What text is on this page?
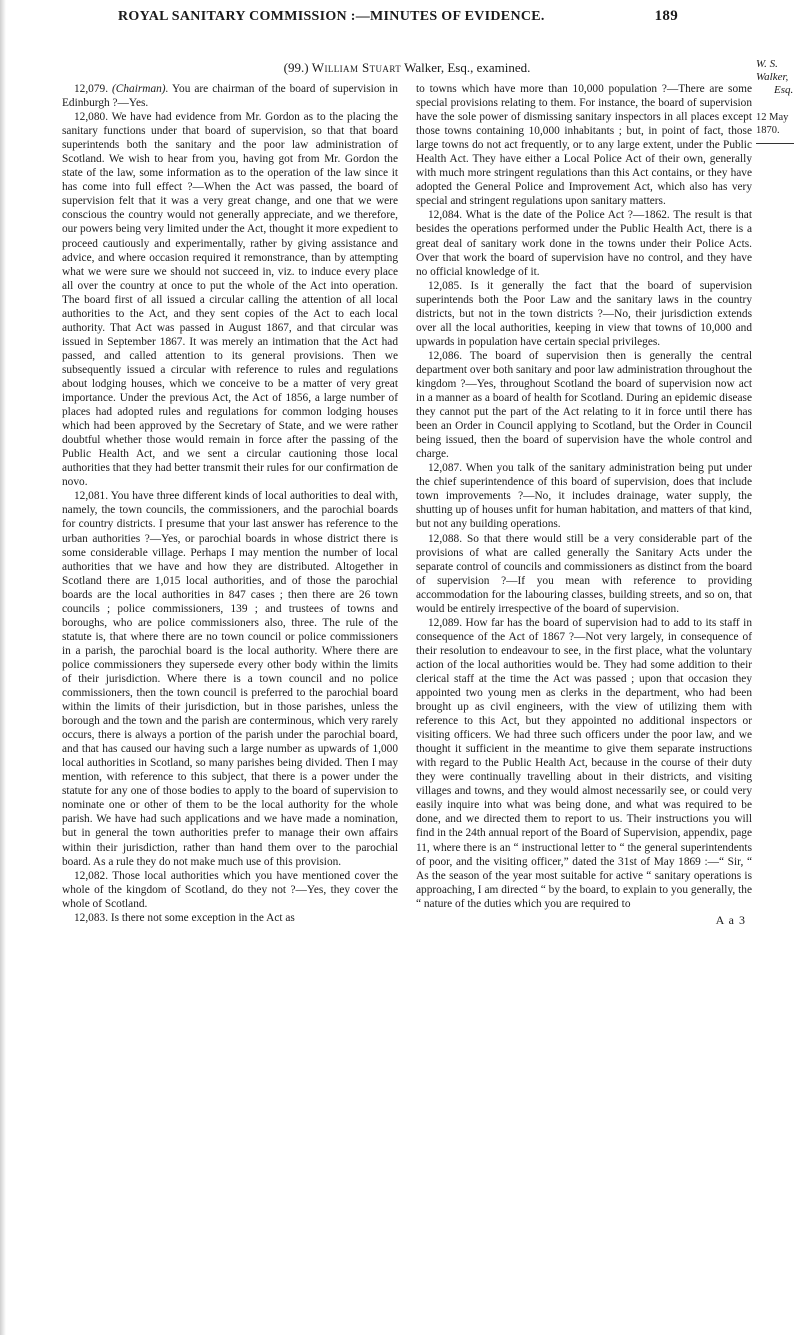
ROYAL SANITARY COMMISSION :—MINUTES OF EVIDENCE.	189
(99.) William Stuart Walker, Esq., examined.	W. S. Walker,
Esq.
12 May 1870.

12,079. (Chairman). You are chairman of the board of supervision in Edinburgh ?—Yes.

12,080. We have had evidence from Mr. Gordon as to the placing the sanitary functions under that board of supervision, so that that board superintends both the sanitary and the poor law administration of Scotland. We wish to hear from you, having got from Mr. Gordon the state of the law, some information as to the operation of the law since it has come into full effect ?—When the Act was passed, the board of supervision felt that it was a very great change, and one that we were conscious the country would not generally appreciate, and we therefore, our powers being very limited under the Act, thought it more expedient to proceed cautiously and experimentally, rather by giving assistance and advice, and where occasion required it remonstrance, than by attempting what we were sure we should not succeed in, viz. to induce every place all over the country at once to put the whole of the Act into operation. The board first of all issued a circular calling the attention of all local authorities to the Act, and they sent copies of the Act to each local authority. That Act was passed in August 1867, and that circular was issued in September 1867. It was merely an intimation that the Act had passed, and called attention to its general provisions. Then we subsequently issued a circular with reference to rules and regulations about lodging houses, which we conceive to be a matter of very great importance. Under the previous Act, the Act of 1856, a large number of places had adopted rules and regulations for common lodging houses which had been approved by the Secretary of State, and we were rather doubtful whether those would remain in force after the passing of the Public Health Act, and we sent a circular cautioning those local authorities that they had better transmit their rules for our confirmation de novo.

12,081. You have three different kinds of local authorities to deal with, namely, the town councils, the commissioners, and the parochial boards for country districts. I presume that your last answer has reference to the urban authorities ?—Yes, or parochial boards in whose district there is some considerable village. Perhaps I may mention the number of local authorities that we have and how they are distributed. Altogether in Scotland there are 1,015 local authorities, and of those the parochial boards are the local authorities in 847 cases ; then there are 26 town councils ; police commissioners, 139 ; and trustees of towns and boroughs, who are police commissioners also, three. The rule of the statute is, that where there are no town council or police commissioners in a parish, the parochial board is the local authority. Where there are police commissioners they supersede every other body within the limits of their jurisdiction. Where there is a town council and no police commissioners, then the town council is preferred to the parochial board within the limits of their jurisdiction, but in those parishes, unless the borough and the town and the parish are conterminous, which very rarely occurs, there is always a portion of the parish under the parochial board, and that has caused our having such a large number as upwards of 1,000 local authorities in Scotland, so many parishes being divided. Then I may mention, with reference to this subject, that there is a power under the statute for any one of those bodies to apply to the board of supervision to nominate one or other of them to be the local authority for the whole parish. We have had such applications and we have made a nomination, but in general the town authorities prefer to manage their own affairs within their jurisdiction, rather than hand them over to the parochial board. As a rule they do not make much use of this provision.

12,082. Those local authorities which you have mentioned cover the whole of the kingdom of Scotland, do they not ?—Yes, they cover the whole of Scotland.

12,083. Is there not some exception in the Act as

to towns which have more than 10,000 population ?—There are some special provisions relating to them. For instance, the board of supervision have the sole power of dismissing sanitary inspectors in all places except those towns containing 10,000 inhabitants ; but, in point of fact, those large towns do not act frequently, or to any large extent, under the Public Health Act. They have either a Local Police Act of their own, generally with much more stringent regulations than this Act contains, or they have adopted the General Police and Improvement Act, which also has very special and stringent regulations upon sanitary matters.

12,084. What is the date of the Police Act ?—1862. The result is that besides the operations performed under the Public Health Act, there is a great deal of sanitary work done in the towns under their Police Acts. Over that work the board of supervision have no control, and they have no official knowledge of it.

12,085. Is it generally the fact that the board of supervision superintends both the Poor Law and the sanitary laws in the country districts, but not in the town districts ?—No, their jurisdiction extends over all the local authorities, keeping in view that towns of 10,000 and upwards in population have certain special privileges.

12,086. The board of supervision then is generally the central department over both sanitary and poor law administration throughout the kingdom ?—Yes, throughout Scotland the board of supervision now act in a manner as a board of health for Scotland. During an epidemic disease they cannot put the part of the Act relating to it in force until there has been an Order in Council applying to Scotland, but the Order in Council being issued, then the board of supervision have the whole control and charge.

12,087. When you talk of the sanitary administration being put under the chief superintendence of this board of supervision, does that include town improvements ?—No, it includes drainage, water supply, the shutting up of houses unfit for human habitation, and matters of that kind, but not any building operations.

12,088. So that there would still be a very considerable part of the provisions of what are called generally the Sanitary Acts under the separate control of councils and commissioners as distinct from the board of supervision ?—If you mean with reference to providing accommodation for the labouring classes, building streets, and so on, that would be entirely irrespective of the board of supervision.

12,089. How far has the board of supervision had to add to its staff in consequence of the Act of 1867 ?—Not very largely, in consequence of their resolution to endeavour to see, in the first place, what the voluntary action of the local authorities would be. They had some addition to their clerical staff at the time the Act was passed ; upon that occasion they appointed two young men as clerks in the department, who had been brought up as civil engineers, with the view of utilizing them with reference to this Act, but they appointed no additional inspectors or visiting officers. We had three such officers under the poor law, and we thought it sufficient in the meantime to give them separate instructions with regard to the Public Health Act, because in the course of their duty they were continually travelling about in their districts, and visiting villages and towns, and they would almost necessarily see, or could very easily inquire into what was being done, and what was required to be done, and we directed them to report to us. Their instructions you will find in the 24th annual report of the Board of Supervision, appendix, page 11, where there is an “ instructional letter to “ the general superintendents of poor, and the visiting officer,” dated the 31st of May 1869 :—“ Sir, “ As the season of the year most suitable for active “ sanitary operations is approaching, I am directed “ by the board, to explain to you generally, the “ nature of the duties which you are required to

A a 3
